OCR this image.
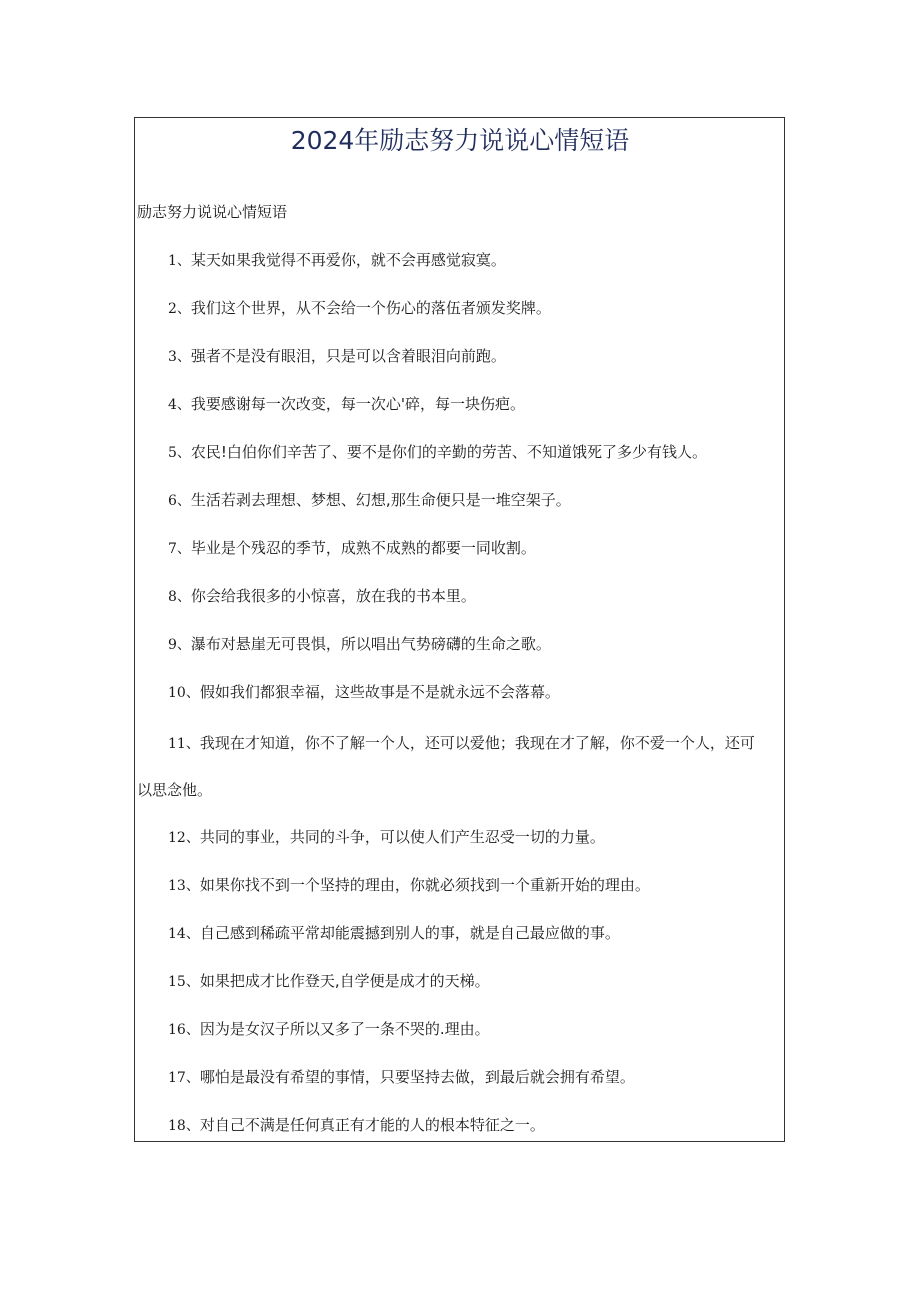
2024年励志努力说说心情短语
励志努力说说心情短语
1、某天如果我觉得不再爱你，就不会再感觉寂寞。
2、我们这个世界，从不会给一个伤心的落伍者颁发奖牌。
3、强者不是没有眼泪，只是可以含着眼泪向前跑。
4、我要感谢每一次改变，每一次心'碎，每一块伤疤。
5、农民!白伯你们辛苦了、要不是你们的辛勤的劳苦、不知道饿死了多少有钱人。
6、生活若剥去理想、梦想、幻想,那生命便只是一堆空架子。
7、毕业是个残忍的季节，成熟不成熟的都要一同收割。
8、你会给我很多的小惊喜，放在我的书本里。
9、瀑布对悬崖无可畏惧，所以唱出气势磅礴的生命之歌。
10、假如我们都狠幸福，这些故事是不是就永远不会落幕。
11、我现在才知道，你不了解一个人，还可以爱他；我现在才了解，你不爱一个人，还可
以思念他。
12、共同的事业，共同的斗争，可以使人们产生忍受一切的力量。
13、如果你找不到一个坚持的理由，你就必须找到一个重新开始的理由。
14、自己感到稀疏平常却能震撼到别人的事，就是自己最应做的事。
15、如果把成才比作登天,自学便是成才的天梯。
16、因为是女汉子所以又多了一条不哭的.理由。
17、哪怕是最没有希望的事情，只要坚持去做，到最后就会拥有希望。
18、对自己不满是任何真正有才能的人的根本特征之一。
